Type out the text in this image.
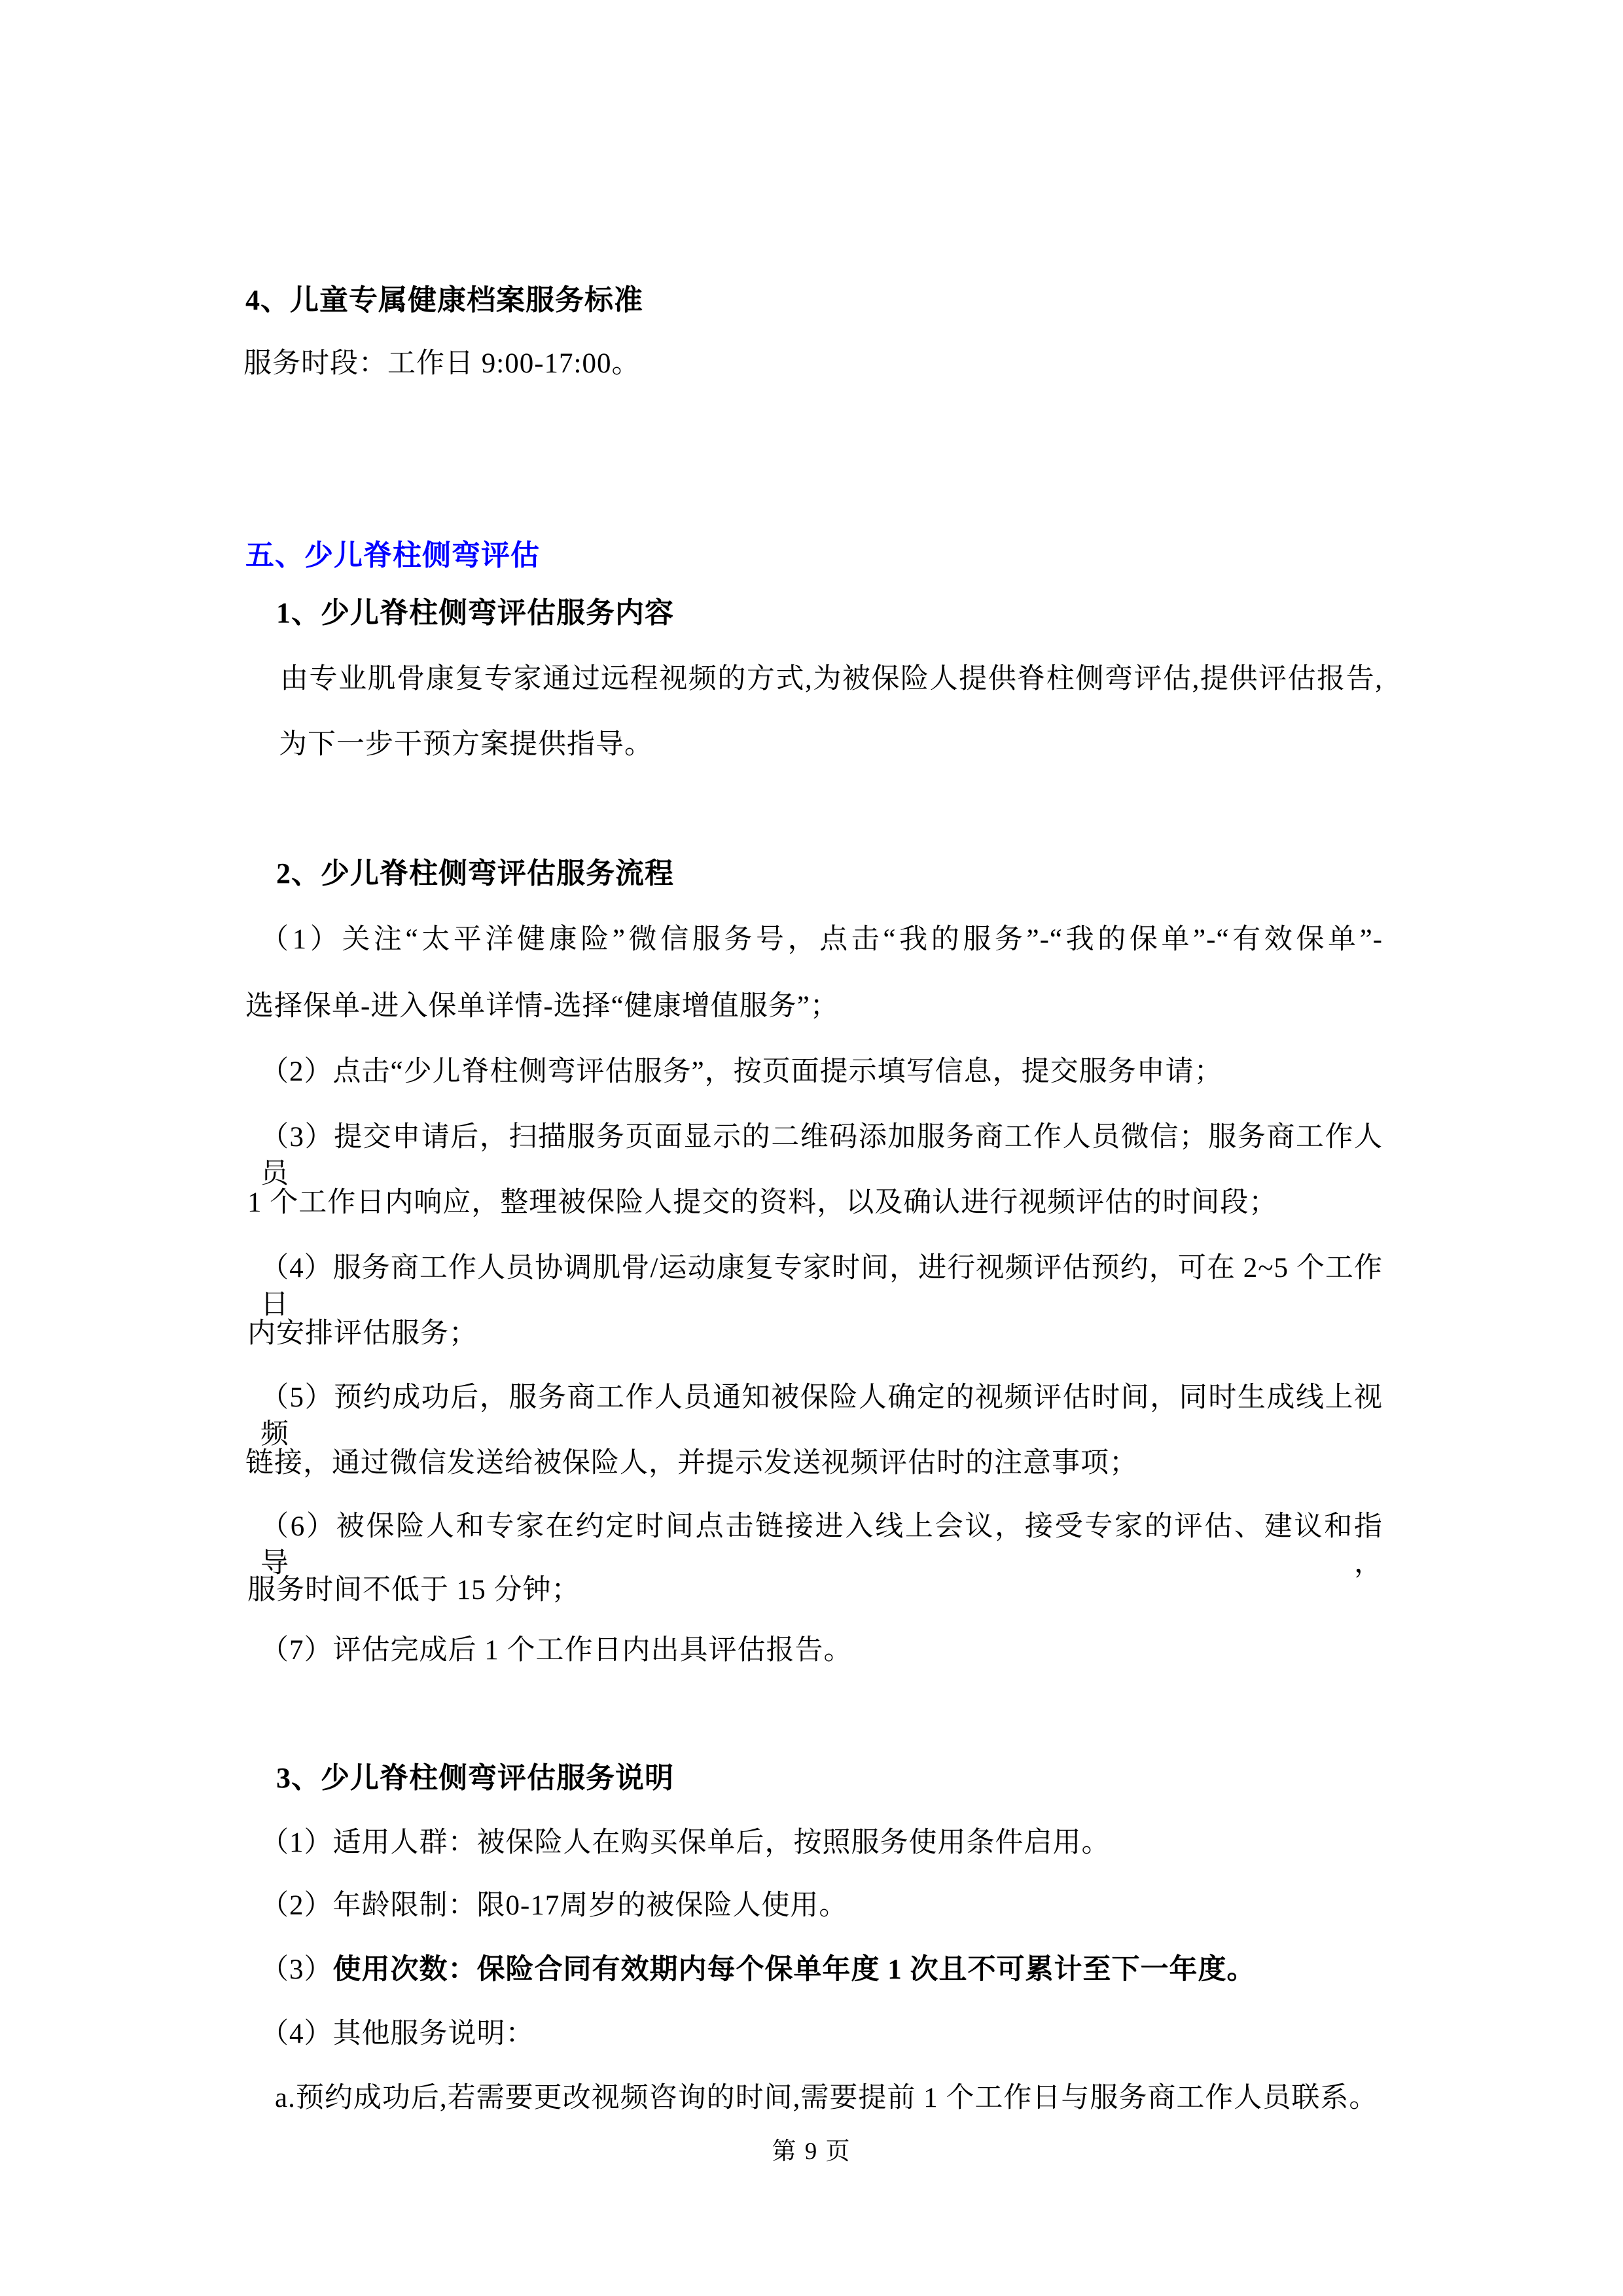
4、儿童专属健康档案服务标准
服务时段：工作日 9:00-17:00。
五、少儿脊柱侧弯评估
1、少儿脊柱侧弯评估服务内容
由专业肌骨康复专家通过远程视频的方式,为被保险人提供脊柱侧弯评估,提供评估报告,
为下一步干预方案提供指导。
2、少儿脊柱侧弯评估服务流程
（1）关注“太平洋健康险”微信服务号，点击“我的服务”-“我的保单”-“有效保单”-
选择保单-进入保单详情-选择“健康增值服务”；
（2）点击“少儿脊柱侧弯评估服务”，按页面提示填写信息，提交服务申请；
（3）提交申请后，扫描服务页面显示的二维码添加服务商工作人员微信；服务商工作人员
1 个工作日内响应，整理被保险人提交的资料，以及确认进行视频评估的时间段；
（4）服务商工作人员协调肌骨/运动康复专家时间，进行视频评估预约，可在 2~5 个工作日
内安排评估服务；
（5）预约成功后，服务商工作人员通知被保险人确定的视频评估时间，同时生成线上视频
链接，通过微信发送给被保险人，并提示发送视频评估时的注意事项；
（6）被保险人和专家在约定时间点击链接进入线上会议，接受专家的评估、建议和指导，
服务时间不低于 15 分钟；
（7）评估完成后 1 个工作日内出具评估报告。
3、少儿脊柱侧弯评估服务说明
（1）适用人群：被保险人在购买保单后，按照服务使用条件启用。
（2）年龄限制：限0-17周岁的被保险人使用。
（3）使用次数：保险合同有效期内每个保单年度 1 次且不可累计至下一年度。
（4）其他服务说明：
a.预约成功后,若需要更改视频咨询的时间,需要提前 1 个工作日与服务商工作人员联系。
第 9 页
